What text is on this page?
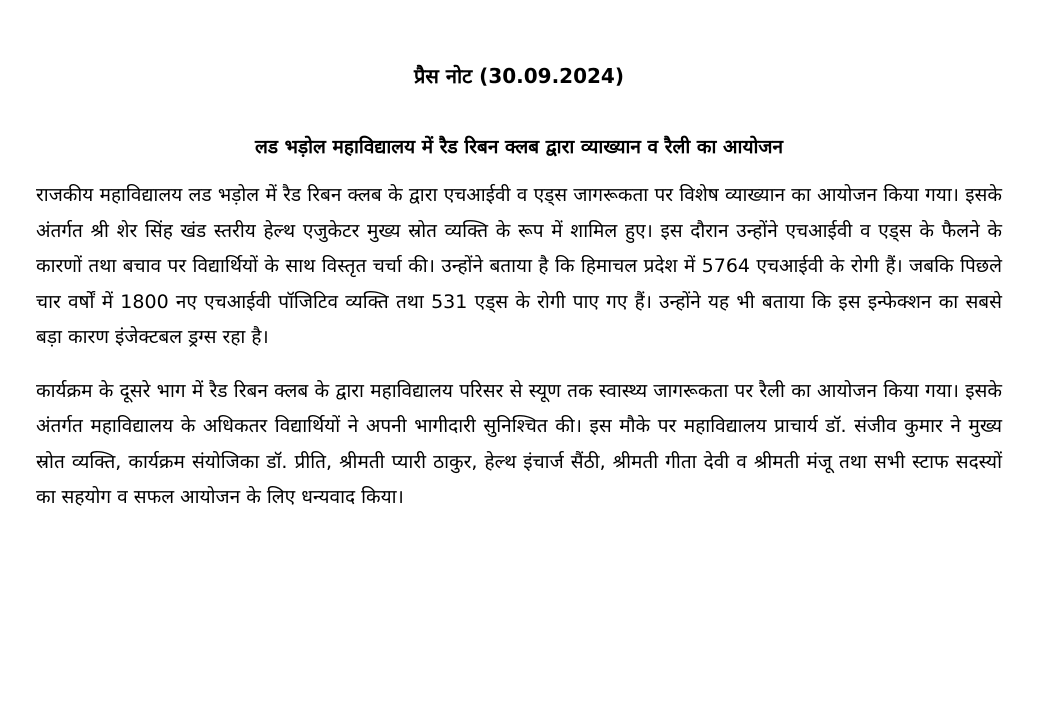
प्रैस नोट (30.09.2024)
लड भड़ोल महाविद्यालय में रैड रिबन क्लब द्वारा व्याख्यान व रैली का आयोजन

राजकीय महाविद्यालय लड भड़ोल में रैड रिबन क्लब के द्वारा एचआईवी व एड्स जागरूकता पर विशेष व्याख्यान का आयोजन किया गया। इसके अंतर्गत श्री शेर सिंह खंड स्तरीय हेल्थ एजुकेटर मुख्य स्रोत व्यक्ति के रूप में शामिल हुए। इस दौरान उन्होंने एचआईवी व एड्स के फैलने के कारणों तथा बचाव पर विद्यार्थियों के साथ विस्तृत चर्चा की। उन्होंने बताया है कि हिमाचल प्रदेश में 5764 एचआईवी के रोगी हैं। जबकि पिछले चार वर्षों में 1800 नए एचआईवी पॉजिटिव व्यक्ति तथा 531 एड्स के रोगी पाए गए हैं। उन्होंने यह भी बताया कि इस इन्फेक्शन का सबसे बड़ा कारण इंजेक्टबल ड्रग्स रहा है।

कार्यक्रम के दूसरे भाग में रैड रिबन क्लब के द्वारा महाविद्यालय परिसर से स्यूण तक स्वास्थ्य जागरूकता पर रैली का आयोजन किया गया। इसके अंतर्गत महाविद्यालय के अधिकतर विद्यार्थियों ने अपनी भागीदारी सुनिश्चित की। इस मौके पर महाविद्यालय प्राचार्य डॉ. संजीव कुमार ने मुख्य स्रोत व्यक्ति, कार्यक्रम संयोजिका डॉ. प्रीति, श्रीमती प्यारी ठाकुर, हेल्थ इंचार्ज सैंठी, श्रीमती गीता देवी व श्रीमती मंजू तथा सभी स्टाफ सदस्यों का सहयोग व सफल आयोजन के लिए धन्यवाद किया।
